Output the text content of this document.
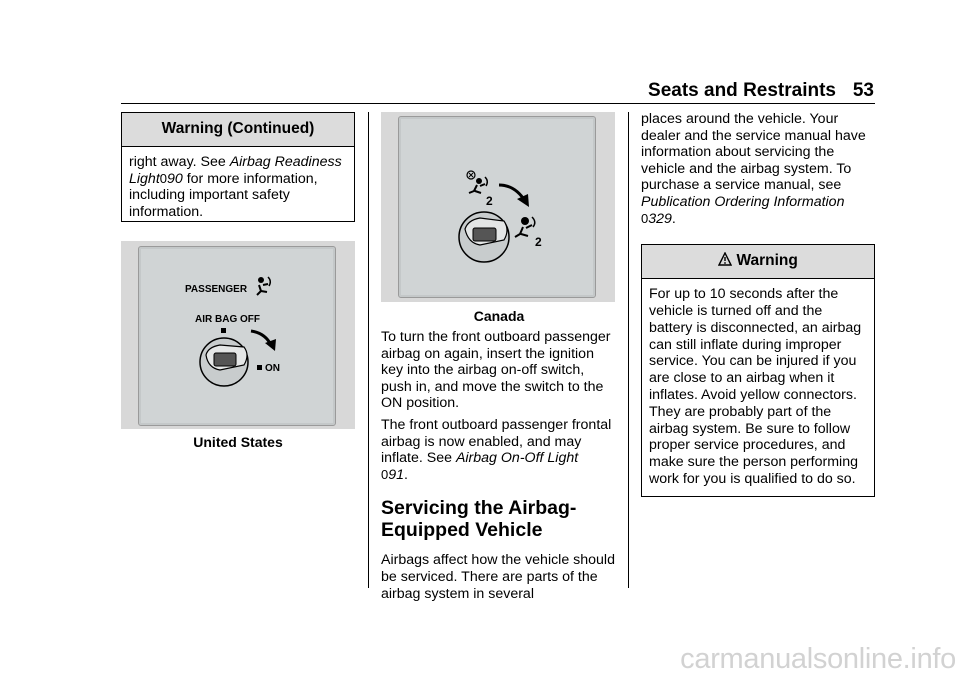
Seats and Restraints 53
Warning (Continued)

right away. See Airbag Readiness Light090 for more information, including important safety information.

PASSENGER
AIR BAG OFF
ON
United States
2
2
Canada

To turn the front outboard passenger airbag on again, insert the ignition key into the airbag on-off switch, push in, and move the switch to the ON position.

The front outboard passenger frontal airbag is now enabled, and may inflate. See Airbag On-Off Light
091.

Servicing the Airbag-Equipped Vehicle

Airbags affect how the vehicle should be serviced. There are parts of the airbag system in several

places around the vehicle. Your dealer and the service manual have information about servicing the vehicle and the airbag system. To purchase a service manual, see Publication Ordering Information
0329.

Warning

For up to 10 seconds after the vehicle is turned off and the battery is disconnected, an airbag can still inflate during improper service. You can be injured if you are close to an airbag when it inflates. Avoid yellow connectors. They are probably part of the airbag system. Be sure to follow proper service procedures, and make sure the person performing work for you is qualified to do so.

carmanualsonline.info
